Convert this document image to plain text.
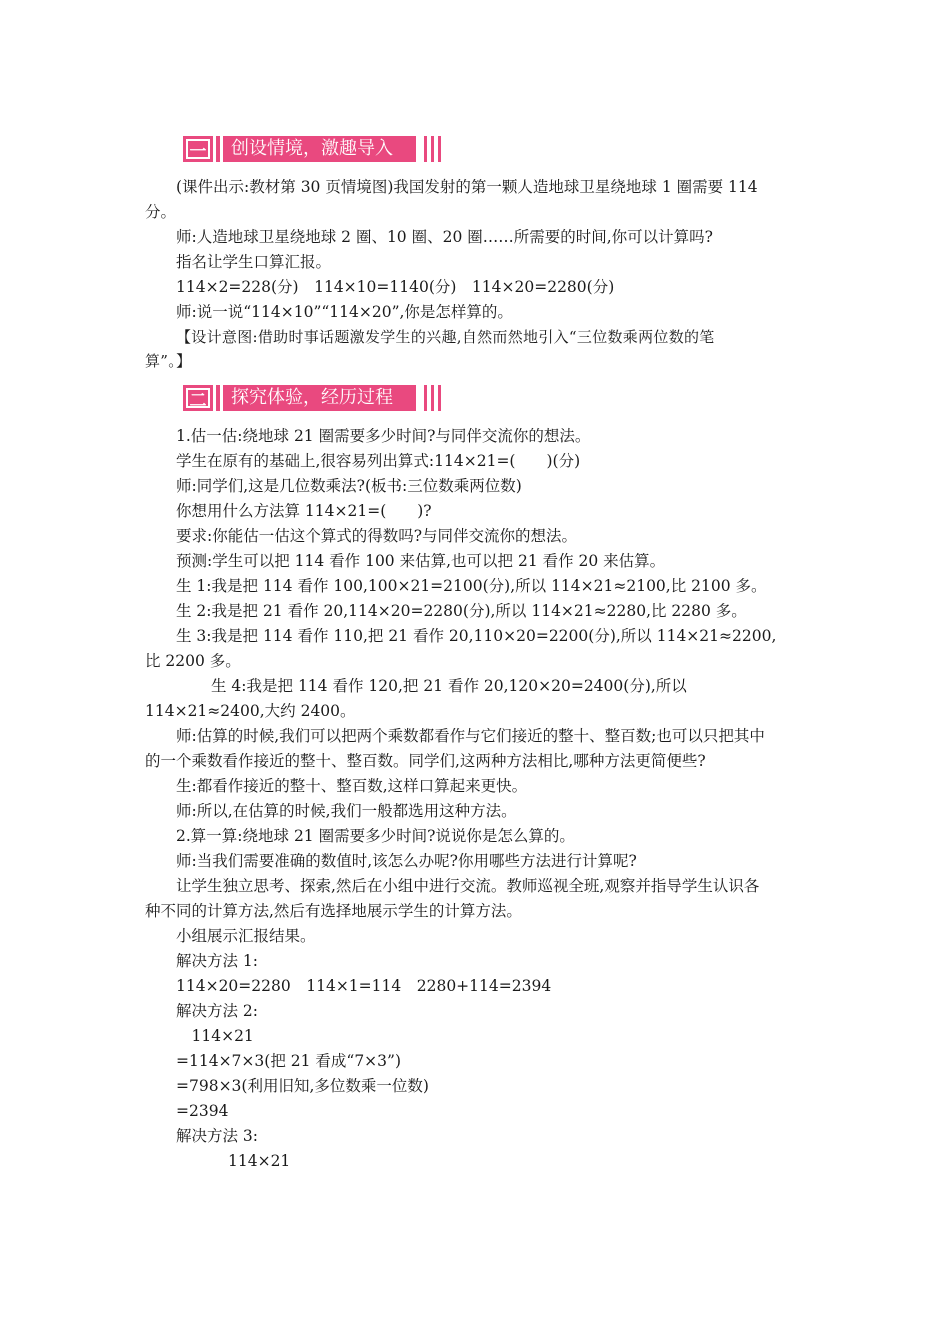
一	创设情境，激趣导入
(课件出示:教材第 30 页情境图)我国发射的第一颗人造地球卫星绕地球 1 圈需要 114
分。
师:人造地球卫星绕地球 2 圈、10 圈、20 圈……所需要的时间,你可以计算吗?
指名让学生口算汇报。
114×2=228(分)　114×10=1140(分)　114×20=2280(分)
师:说一说“114×10”“114×20”,你是怎样算的。
【设计意图:借助时事话题激发学生的兴趣,自然而然地引入“三位数乘两位数的笔
算”。】
二	探究体验，经历过程
1.估一估:绕地球 21 圈需要多少时间?与同伴交流你的想法。
学生在原有的基础上,很容易列出算式:114×21=(　　)(分)
师:同学们,这是几位数乘法?(板书:三位数乘两位数)
你想用什么方法算 114×21=(　　)?
要求:你能估一估这个算式的得数吗?与同伴交流你的想法。
预测:学生可以把 114 看作 100 来估算,也可以把 21 看作 20 来估算。
生 1:我是把 114 看作 100,100×21=2100(分),所以 114×21≈2100,比 2100 多。
生 2:我是把 21 看作 20,114×20=2280(分),所以 114×21≈2280,比 2280 多。
生 3:我是把 114 看作 110,把 21 看作 20,110×20=2200(分),所以 114×21≈2200,
比 2200 多。
生 4:我是把 114 看作 120,把 21 看作 20,120×20=2400(分),所以
114×21≈2400,大约 2400。
师:估算的时候,我们可以把两个乘数都看作与它们接近的整十、整百数;也可以只把其中
的一个乘数看作接近的整十、整百数。同学们,这两种方法相比,哪种方法更简便些?
生:都看作接近的整十、整百数,这样口算起来更快。
师:所以,在估算的时候,我们一般都选用这种方法。
2.算一算:绕地球 21 圈需要多少时间?说说你是怎么算的。
师:当我们需要准确的数值时,该怎么办呢?你用哪些方法进行计算呢?
让学生独立思考、探索,然后在小组中进行交流。教师巡视全班,观察并指导学生认识各
种不同的计算方法,然后有选择地展示学生的计算方法。
小组展示汇报结果。
解决方法 1:
114×20=2280　114×1=114　2280+114=2394
解决方法 2:
　114×21
=114×7×3(把 21 看成“7×3”)
=798×3(利用旧知,多位数乘一位数)
=2394
解决方法 3:
114×21
